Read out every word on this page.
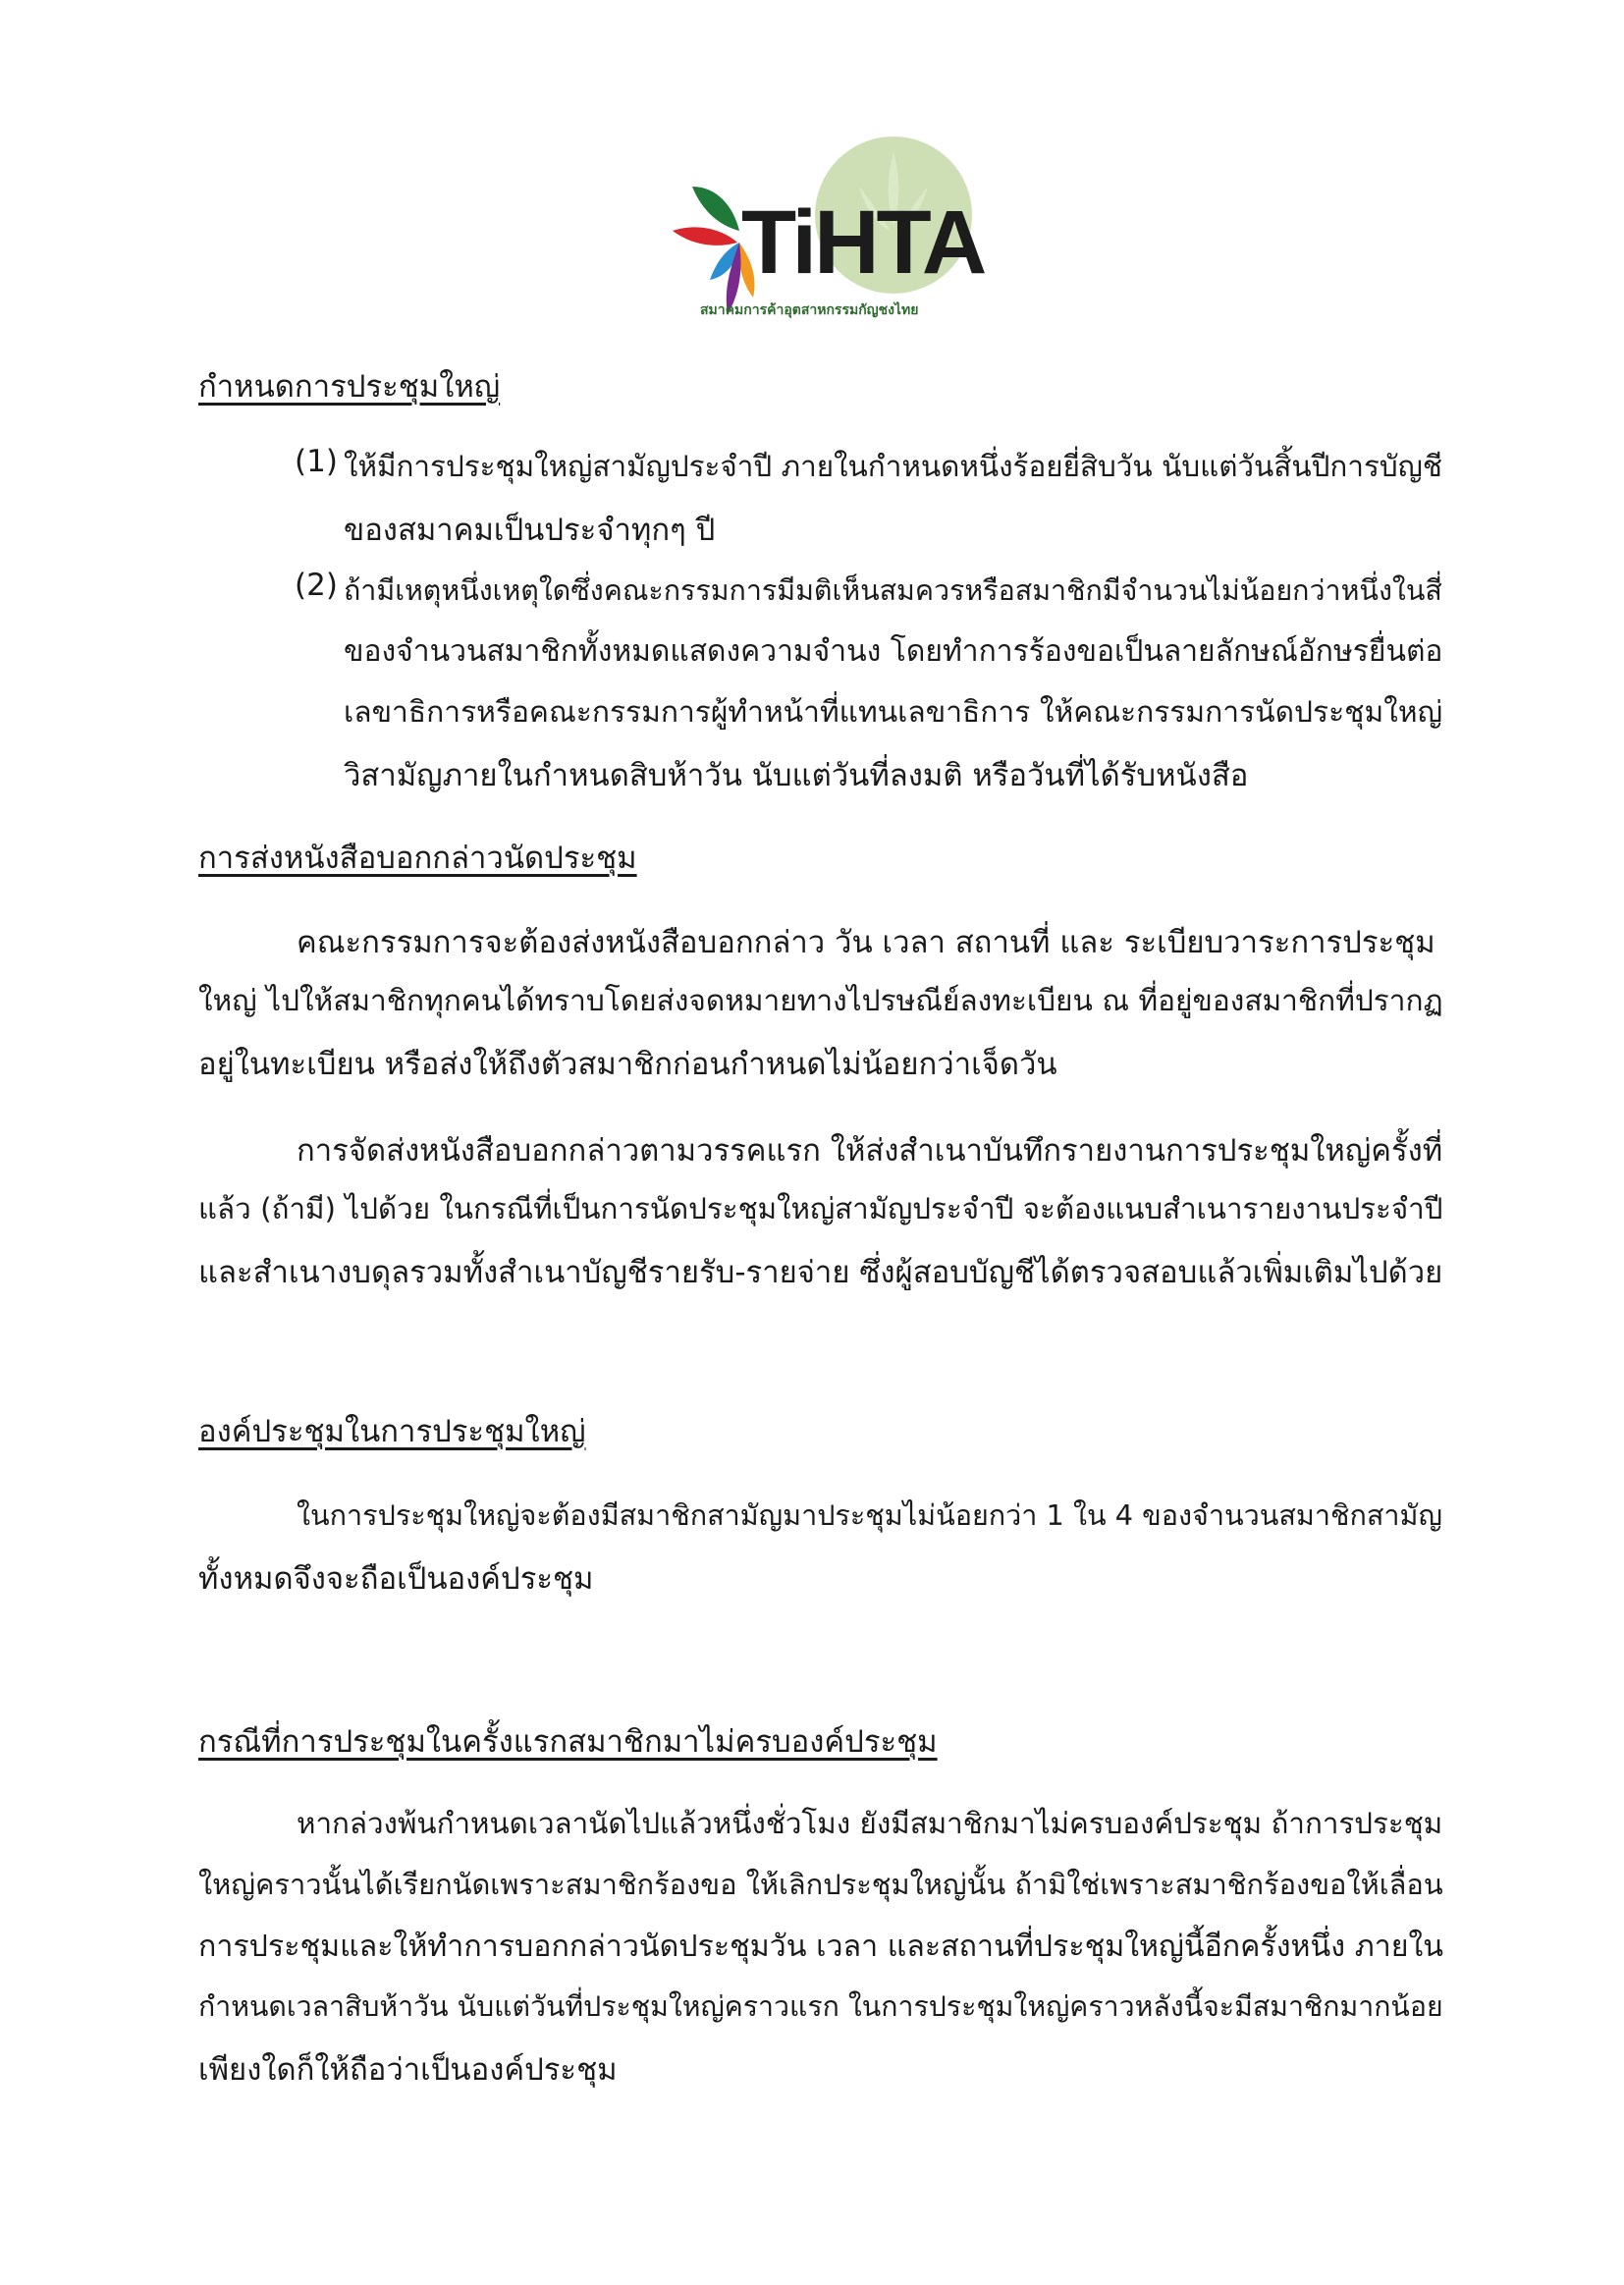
TiHTA
สมาคมการค้าอุตสาหกรรมกัญชงไทย
กำหนดการประชุมใหญ่
(1) ให้มีการประชุมใหญ่สามัญประจำปี ภายในกำหนดหนึ่งร้อยยี่สิบวัน นับแต่วันสิ้นปีการบัญชี
ของสมาคมเป็นประจำทุกๆ ปี
(2) ถ้ามีเหตุหนึ่งเหตุใดซึ่งคณะกรรมการมีมติเห็นสมควรหรือสมาชิกมีจำนวนไม่น้อยกว่าหนึ่งในสี่
ของจำนวนสมาชิกทั้งหมดแสดงความจำนง โดยทำการร้องขอเป็นลายลักษณ์อักษรยื่นต่อ
เลขาธิการหรือคณะกรรมการผู้ทำหน้าที่แทนเลขาธิการ ให้คณะกรรมการนัดประชุมใหญ่
วิสามัญภายในกำหนดสิบห้าวัน นับแต่วันที่ลงมติ หรือวันที่ได้รับหนังสือ
การส่งหนังสือบอกกล่าวนัดประชุม
คณะกรรมการจะต้องส่งหนังสือบอกกล่าว วัน เวลา สถานที่ และ ระเบียบวาระการประชุม
ใหญ่ ไปให้สมาชิกทุกคนได้ทราบโดยส่งจดหมายทางไปรษณีย์ลงทะเบียน ณ ที่อยู่ของสมาชิกที่ปรากฏ
อยู่ในทะเบียน หรือส่งให้ถึงตัวสมาชิกก่อนกำหนดไม่น้อยกว่าเจ็ดวัน
การจัดส่งหนังสือบอกกล่าวตามวรรคแรก ให้ส่งสำเนาบันทึกรายงานการประชุมใหญ่ครั้งที่
แล้ว (ถ้ามี) ไปด้วย ในกรณีที่เป็นการนัดประชุมใหญ่สามัญประจำปี จะต้องแนบสำเนารายงานประจำปี
และสำเนางบดุลรวมทั้งสำเนาบัญชีรายรับ-รายจ่าย ซึ่งผู้สอบบัญชีได้ตรวจสอบแล้วเพิ่มเติมไปด้วย
องค์ประชุมในการประชุมใหญ่
ในการประชุมใหญ่จะต้องมีสมาชิกสามัญมาประชุมไม่น้อยกว่า 1 ใน 4 ของจำนวนสมาชิกสามัญ
ทั้งหมดจึงจะถือเป็นองค์ประชุม
กรณีที่การประชุมในครั้งแรกสมาชิกมาไม่ครบองค์ประชุม
หากล่วงพ้นกำหนดเวลานัดไปแล้วหนึ่งชั่วโมง ยังมีสมาชิกมาไม่ครบองค์ประชุม ถ้าการประชุม
ใหญ่คราวนั้นได้เรียกนัดเพราะสมาชิกร้องขอ ให้เลิกประชุมใหญ่นั้น ถ้ามิใช่เพราะสมาชิกร้องขอให้เลื่อน
การประชุมและให้ทำการบอกกล่าวนัดประชุมวัน เวลา และสถานที่ประชุมใหญ่นี้อีกครั้งหนึ่ง ภายใน
กำหนดเวลาสิบห้าวัน นับแต่วันที่ประชุมใหญ่คราวแรก ในการประชุมใหญ่คราวหลังนี้จะมีสมาชิกมากน้อย
เพียงใดก็ให้ถือว่าเป็นองค์ประชุม
